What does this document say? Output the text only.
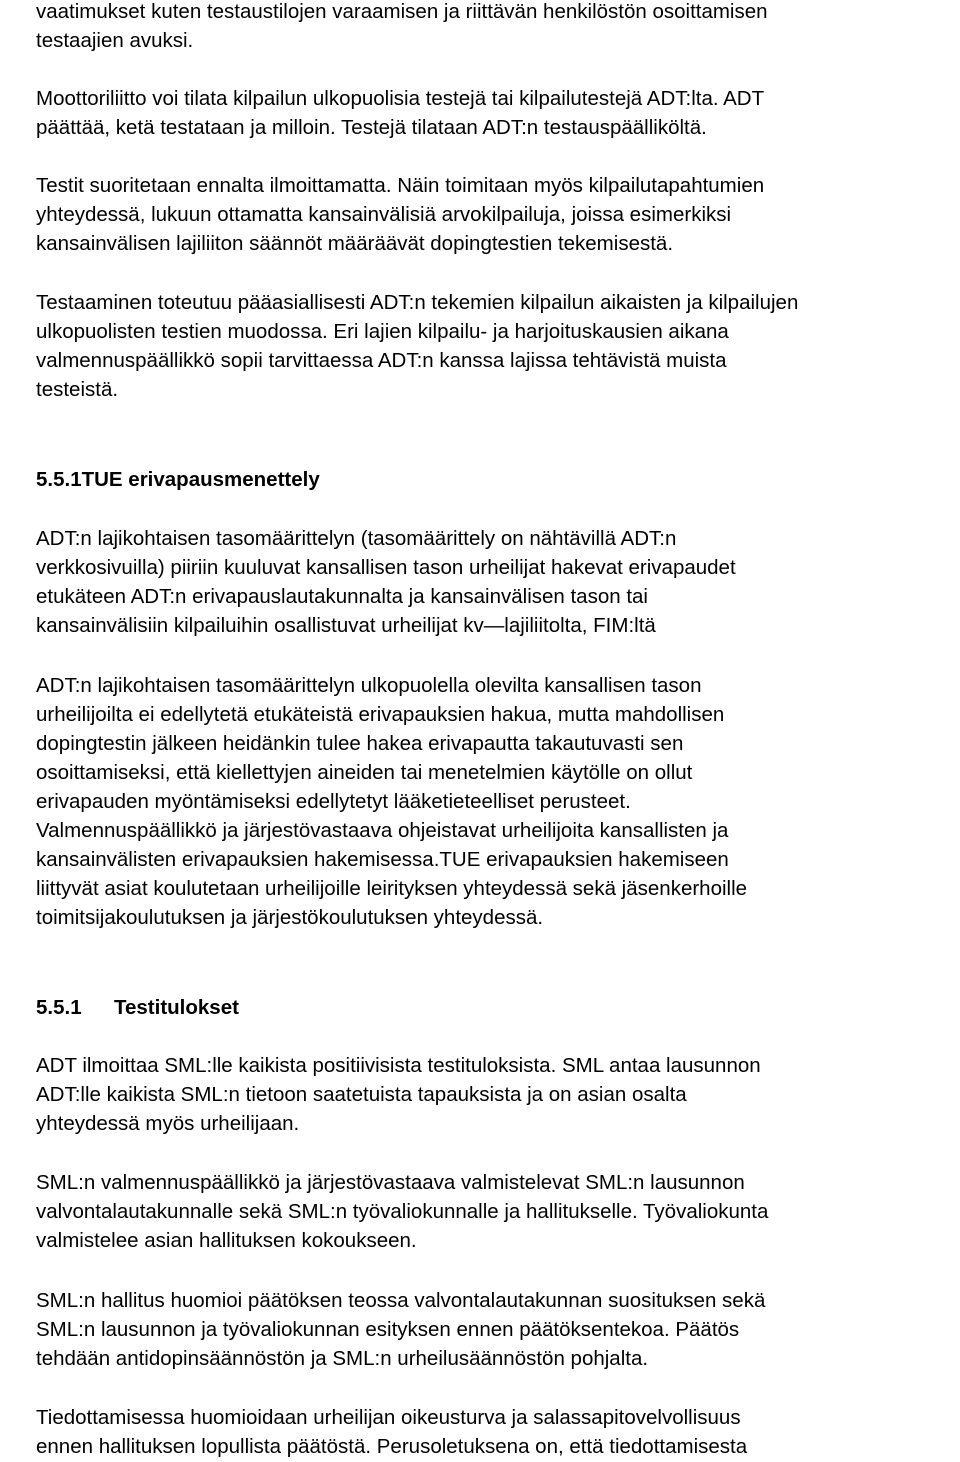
vaatimukset kuten testaustilojen varaamisen ja riittävän henkilöstön osoittamisen
testaajien avuksi.
Moottoriliitto voi tilata kilpailun ulkopuolisia testejä tai kilpailutestejä ADT:lta. ADT
päättää, ketä testataan ja milloin. Testejä tilataan ADT:n testauspäälliköltä.
Testit suoritetaan ennalta ilmoittamatta. Näin toimitaan myös kilpailutapahtumien
yhteydessä, lukuun ottamatta kansainvälisiä arvokilpailuja, joissa esimerkiksi
kansainvälisen lajiliiton säännöt määräävät dopingtestien tekemisestä.
Testaaminen toteutuu pääasiallisesti ADT:n tekemien kilpailun aikaisten ja kilpailujen
ulkopuolisten testien muodossa. Eri lajien kilpailu- ja harjoituskausien aikana
valmennuspäällikkö sopii tarvittaessa ADT:n kanssa lajissa tehtävistä muista
testeistä.
5.5.1TUE erivapausmenettely
ADT:n lajikohtaisen tasomäärittelyn (tasomäärittely on nähtävillä ADT:n
verkkosivuilla) piiriin kuuluvat kansallisen tason urheilijat hakevat erivapaudet
etukäteen ADT:n erivapauslautakunnalta ja kansainvälisen tason tai
kansainvälisiin kilpailuihin osallistuvat urheilijat kv—lajiliitolta, FIM:ltä
ADT:n lajikohtaisen tasomäärittelyn ulkopuolella olevilta kansallisen tason
urheilijoilta ei edellytetä etukäteistä erivapauksien hakua, mutta mahdollisen
dopingtestin jälkeen heidänkin tulee hakea erivapautta takautuvasti sen
osoittamiseksi, että kiellettyjen aineiden tai menetelmien käytölle on ollut
erivapauden myöntämiseksi edellytetyt lääketieteelliset perusteet.
Valmennuspäällikkö ja järjestövastaava ohjeistavat urheilijoita kansallisten ja
kansainvälisten erivapauksien hakemisessa.TUE erivapauksien hakemiseen
liittyvät asiat koulutetaan urheilijoille leirityksen yhteydessä sekä jäsenkerhoille
toimitsijakoulutuksen ja järjestökoulutuksen yhteydessä.
5.5.1 Testitulokset
ADT ilmoittaa SML:lle kaikista positiivisista testituloksista. SML antaa lausunnon
ADT:lle kaikista SML:n tietoon saatetuista tapauksista ja on asian osalta
yhteydessä myös urheilijaan.
SML:n valmennuspäällikkö ja järjestövastaava valmistelevat SML:n lausunnon
valvontalautakunnalle sekä SML:n työvaliokunnalle ja hallitukselle. Työvaliokunta
valmistelee asian hallituksen kokoukseen.
SML:n hallitus huomioi päätöksen teossa valvontalautakunnan suosituksen sekä
SML:n lausunnon ja työvaliokunnan esityksen ennen päätöksentekoa. Päätös
tehdään antidopinsäännöstön ja SML:n urheilusäännöstön pohjalta.
Tiedottamisessa huomioidaan urheilijan oikeusturva ja salassapitovelvollisuus
ennen hallituksen lopullista päätöstä. Perusoletuksena on, että tiedottamisesta
